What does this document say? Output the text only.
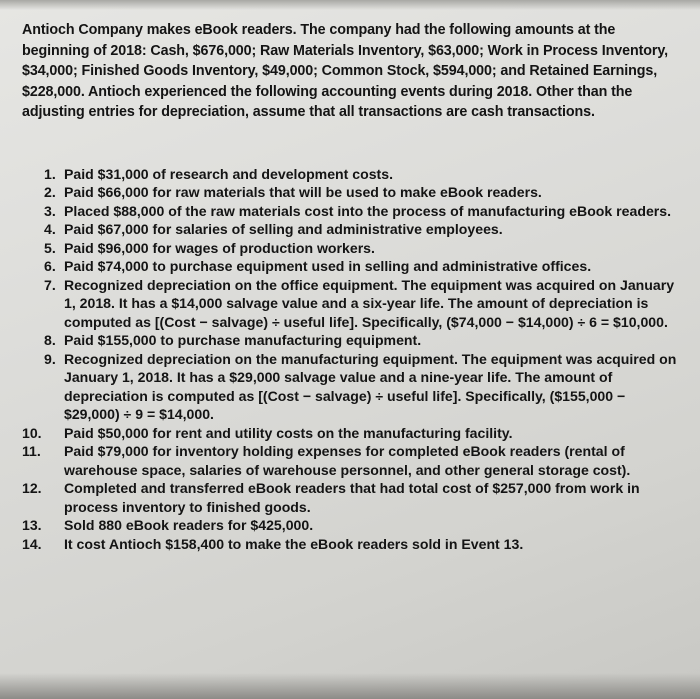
Antioch Company makes eBook readers. The company had the following amounts at the beginning of 2018: Cash, $676,000; Raw Materials Inventory, $63,000; Work in Process Inventory, $34,000; Finished Goods Inventory, $49,000; Common Stock, $594,000; and Retained Earnings, $228,000. Antioch experienced the following accounting events during 2018. Other than the adjusting entries for depreciation, assume that all transactions are cash transactions.

1. Paid $31,000 of research and development costs.
2. Paid $66,000 for raw materials that will be used to make eBook readers.
3. Placed $88,000 of the raw materials cost into the process of manufacturing eBook readers.
4. Paid $67,000 for salaries of selling and administrative employees.
5. Paid $96,000 for wages of production workers.
6. Paid $74,000 to purchase equipment used in selling and administrative offices.
7. Recognized depreciation on the office equipment. The equipment was acquired on January 1, 2018. It has a $14,000 salvage value and a six-year life. The amount of depreciation is computed as [(Cost − salvage) ÷ useful life]. Specifically, ($74,000 − $14,000) ÷ 6 = $10,000.
8. Paid $155,000 to purchase manufacturing equipment.
9. Recognized depreciation on the manufacturing equipment. The equipment was acquired on January 1, 2018. It has a $29,000 salvage value and a nine-year life. The amount of depreciation is computed as [(Cost − salvage) ÷ useful life]. Specifically, ($155,000 − $29,000) ÷ 9 = $14,000.
10. Paid $50,000 for rent and utility costs on the manufacturing facility.
11. Paid $79,000 for inventory holding expenses for completed eBook readers (rental of warehouse space, salaries of warehouse personnel, and other general storage cost).
12. Completed and transferred eBook readers that had total cost of $257,000 from work in process inventory to finished goods.
13. Sold 880 eBook readers for $425,000.
14. It cost Antioch $158,400 to make the eBook readers sold in Event 13.
